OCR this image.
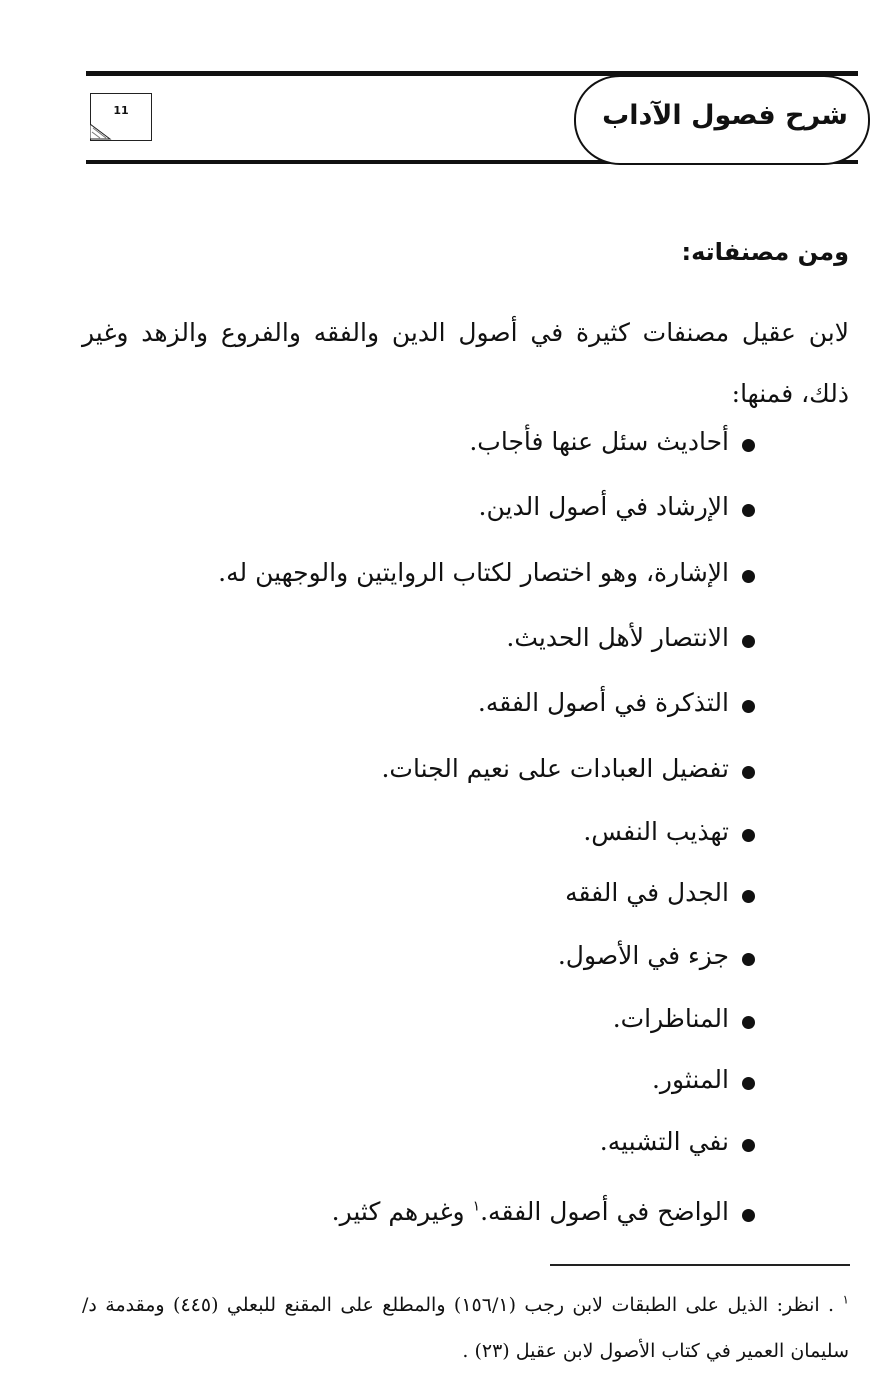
شرح فصول الآداب
11
ومن مصنفاته:
لابن عقيل مصنفات كثيرة في أصول الدين والفقه والفروع والزهد وغير ذلك، فمنها:
أحاديث سئل عنها فأجاب.
الإرشاد في أصول الدين.
الإشارة، وهو اختصار لكتاب الروايتين والوجهين له.
الانتصار لأهل الحديث.
التذكرة في أصول الفقه.
تفضيل العبادات على نعيم الجنات.
تهذيب النفس.
الجدل في الفقه
جزء في الأصول.
المناظرات.
المنثور.
نفي التشبيه.
الواضح في أصول الفقه.$^١$ وغيرهم كثير.
$^١$ . انظر: الذيل على الطبقات لابن رجب (١٥٦/١) والمطلع على المقنع للبعلي (٤٤٥) ومقدمة د/سليمان العمير في كتاب الأصول لابن عقيل (٢٣) .
